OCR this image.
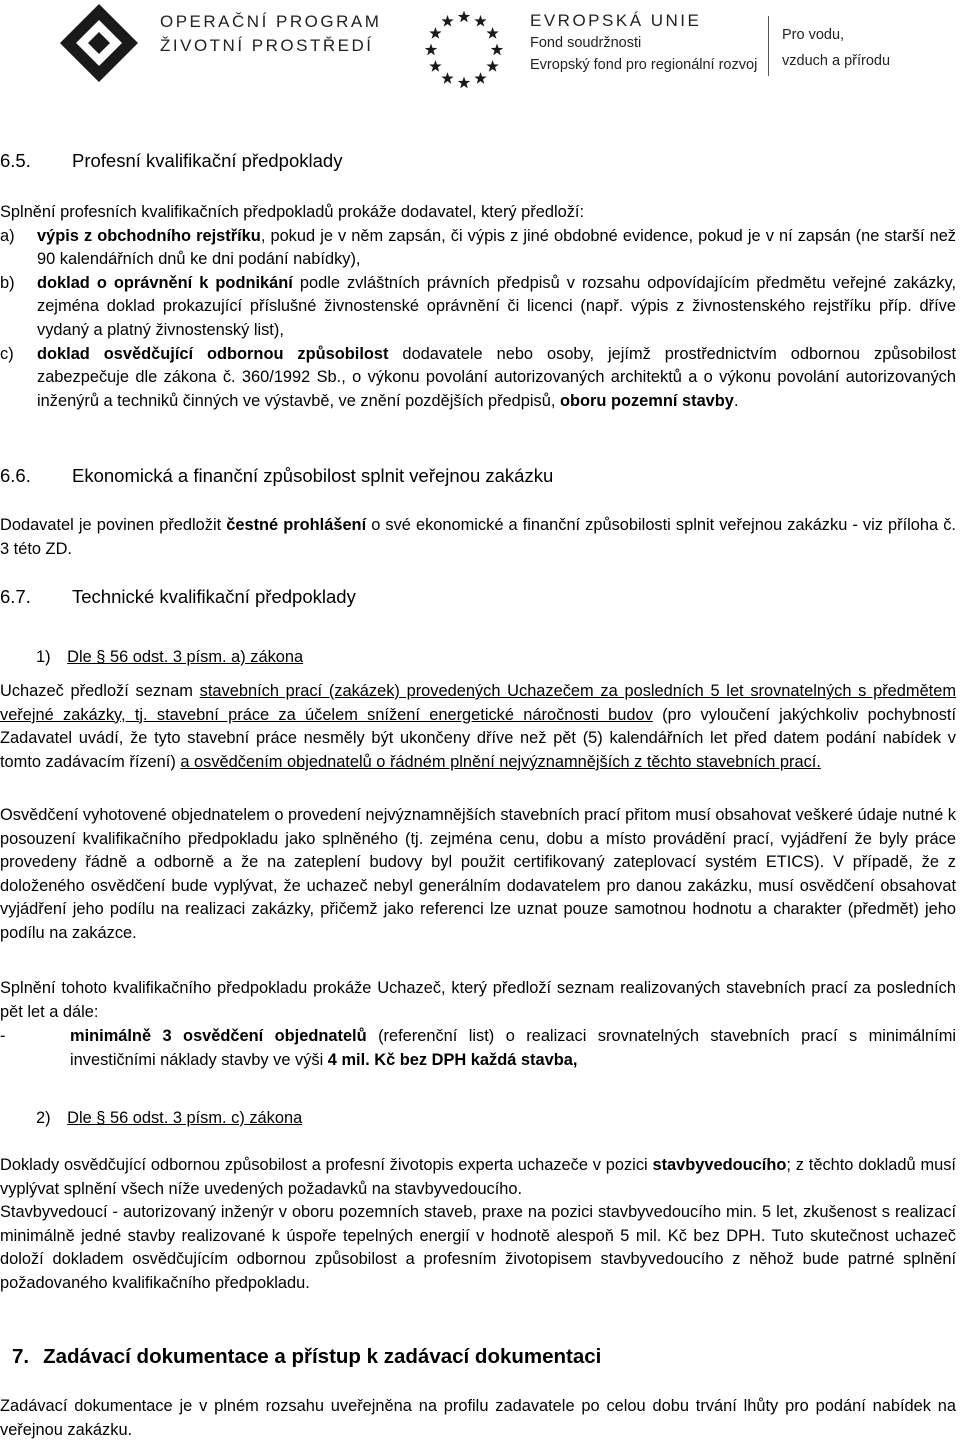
OPERAČNÍ PROGRAM
ŽIVOTNÍ PROSTŘEDÍ
EVROPSKÁ UNIE
Fond soudržnosti
Evropský fond pro regionální rozvoj
Pro vodu,
vzduch a přírodu
6.5. Profesní kvalifikační předpoklady

Splnění profesních kvalifikačních předpokladů prokáže dodavatel, který předloží:

a) výpis z obchodního rejstříku, pokud je v něm zapsán, či výpis z jiné obdobné evidence, pokud je v ní zapsán (ne starší než 90 kalendářních dnů ke dni podání nabídky),
b) doklad o oprávnění k podnikání podle zvláštních právních předpisů v rozsahu odpovídajícím předmětu veřejné zakázky, zejména doklad prokazující příslušné živnostenské oprávnění či licenci (např. výpis z živnostenského rejstříku příp. dříve vydaný a platný živnostenský list),
c) doklad osvědčující odbornou způsobilost dodavatele nebo osoby, jejímž prostřednictvím odbornou způsobilost zabezpečuje dle zákona č. 360/1992 Sb., o výkonu povolání autorizovaných architektů a o výkonu povolání autorizovaných inženýrů a techniků činných ve výstavbě, ve znění pozdějších předpisů, oboru pozemní stavby.
6.6. Ekonomická a finanční způsobilost splnit veřejnou zakázku
Dodavatel je povinen předložit čestné prohlášení o své ekonomické a finanční způsobilosti splnit veřejnou zakázku - viz příloha č. 3 této ZD.
6.7. Technické kvalifikační předpoklady
1) Dle § 56 odst. 3 písm. a) zákona
Uchazeč předloží seznam stavebních prací (zakázek) provedených Uchazečem za posledních 5 let srovnatelných s předmětem veřejné zakázky, tj. stavební práce za účelem snížení energetické náročnosti budov (pro vyloučení jakýchkoliv pochybností Zadavatel uvádí, že tyto stavební práce nesměly být ukončeny dříve než pět (5) kalendářních let před datem podání nabídek v tomto zadávacím řízení) a osvědčením objednatelů o řádném plnění nejvýznamnějších z těchto stavebních prací.
Osvědčení vyhotovené objednatelem o provedení nejvýznamnějších stavebních prací přitom musí obsahovat veškeré údaje nutné k posouzení kvalifikačního předpokladu jako splněného (tj. zejména cenu, dobu a místo provádění prací, vyjádření že byly práce provedeny řádně a odborně a že na zateplení budovy byl použit certifikovaný zateplovací systém ETICS). V případě, že z doloženého osvědčení bude vyplývat, že uchazeč nebyl generálním dodavatelem pro danou zakázku, musí osvědčení obsahovat vyjádření jeho podílu na realizaci zakázky, přičemž jako referenci lze uznat pouze samotnou hodnotu a charakter (předmět) jeho podílu na zakázce.
Splnění tohoto kvalifikačního předpokladu prokáže Uchazeč, který předloží seznam realizovaných stavebních prací za posledních pět let a dále:
-	minimálně 3 osvědčení objednatelů (referenční list) o realizaci srovnatelných stavebních prací s minimálními investičními náklady stavby ve výši 4 mil. Kč bez DPH každá stavba,
2) Dle § 56 odst. 3 písm. c) zákona
Doklady osvědčující odbornou způsobilost a profesní životopis experta uchazeče v pozici stavbyvedoucího; z těchto dokladů musí vyplývat splnění všech níže uvedených požadavků na stavbyvedoucího.
Stavbyvedoucí - autorizovaný inženýr v oboru pozemních staveb, praxe na pozici stavbyvedoucího min. 5 let, zkušenost s realizací minimálně jedné stavby realizované k úspoře tepelných energií v hodnotě alespoň 5 mil. Kč bez DPH. Tuto skutečnost uchazeč doloží dokladem osvědčujícím odbornou způsobilost a profesním životopisem stavbyvedoucího z něhož bude patrné splnění požadovaného kvalifikačního předpokladu.
7. Zadávací dokumentace a přístup k zadávací dokumentaci
Zadávací dokumentace je v plném rozsahu uveřejněna na profilu zadavatele po celou dobu trvání lhůty pro podání nabídek na veřejnou zakázku.
